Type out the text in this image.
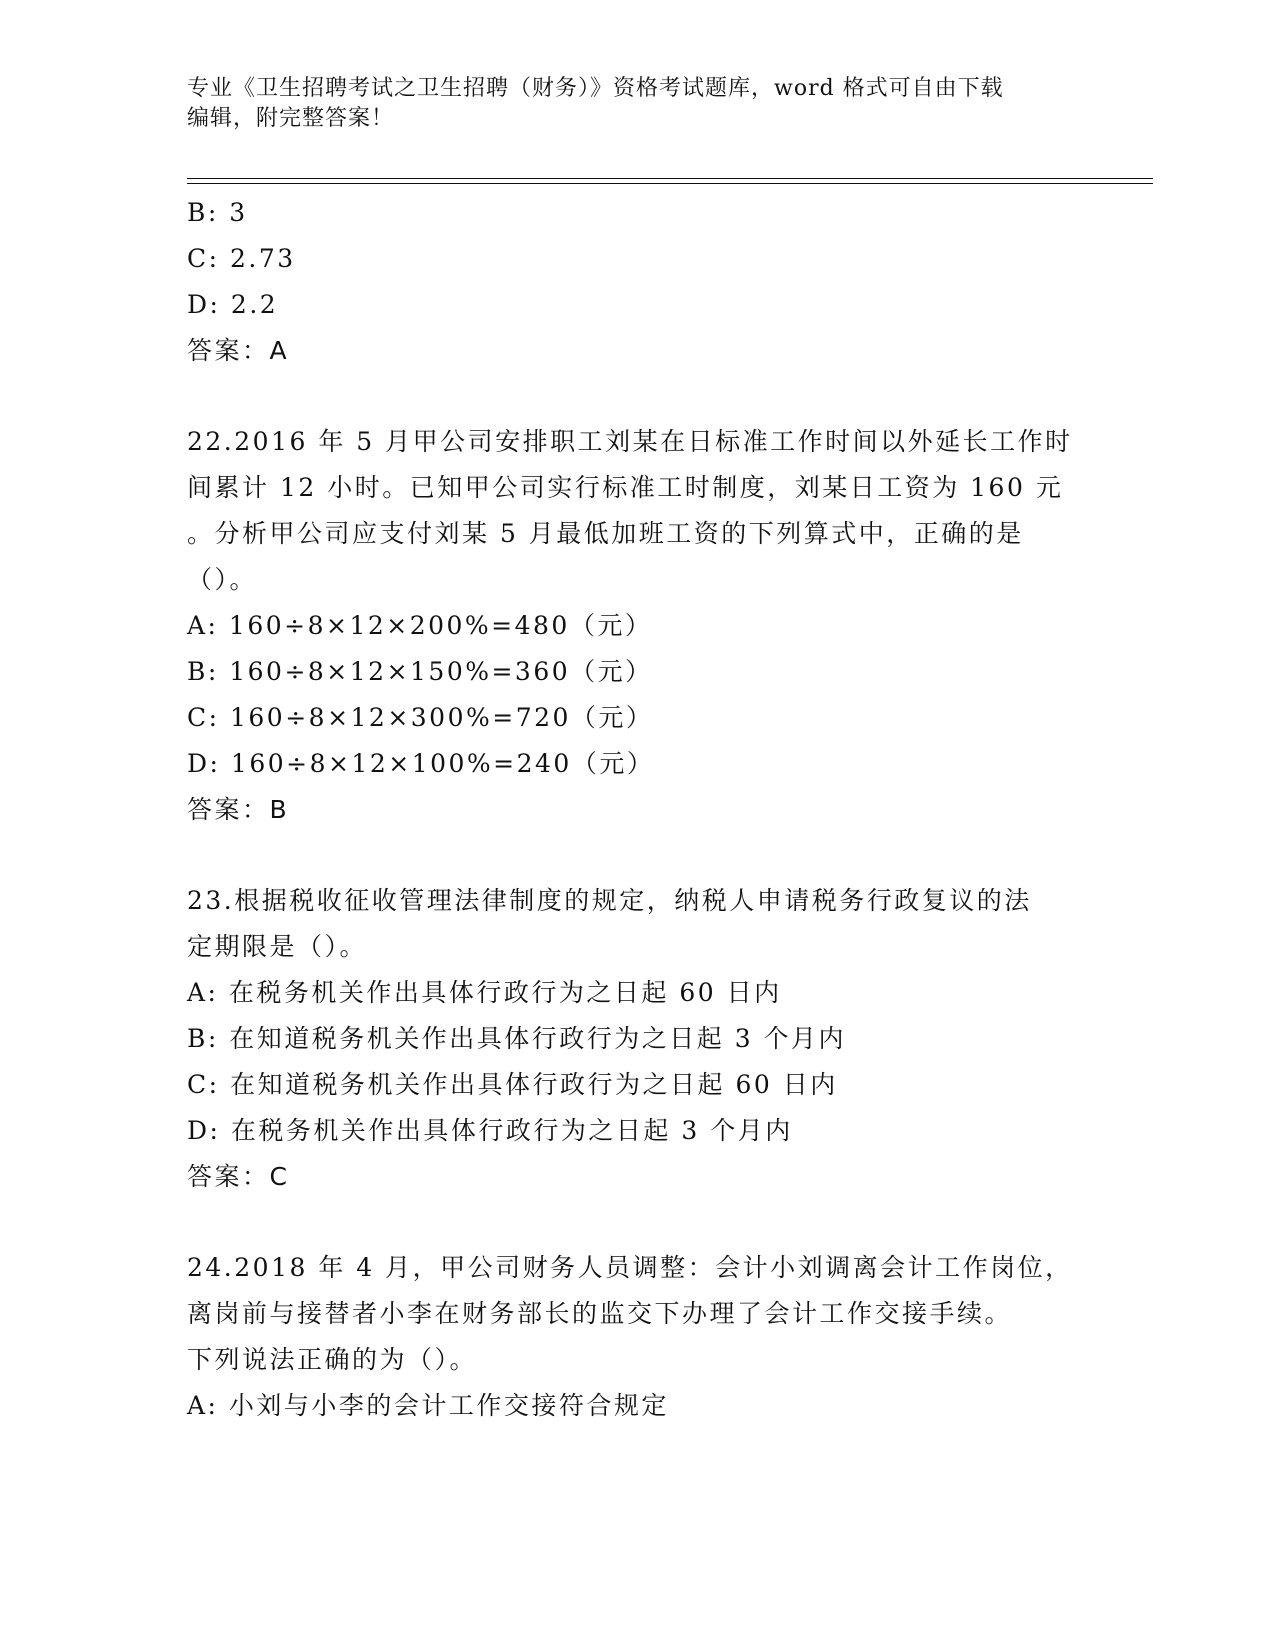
专业《卫生招聘考试之卫生招聘（财务）》资格考试题库，word 格式可自由下载
编辑，附完整答案！
B: 3
C: 2.73
D: 2.2
答案：A
22.2016 年 5 月甲公司安排职工刘某在日标准工作时间以外延长工作时
间累计 12 小时。已知甲公司实行标准工时制度，刘某日工资为 160 元
。分析甲公司应支付刘某 5 月最低加班工资的下列算式中，正确的是
（）。
A: 160÷8×12×200%=480（元）
B: 160÷8×12×150%=360（元）
C: 160÷8×12×300%=720（元）
D: 160÷8×12×100%=240（元）
答案：B
23.根据税收征收管理法律制度的规定，纳税人申请税务行政复议的法
定期限是（）。
A: 在税务机关作出具体行政行为之日起 60 日内
B: 在知道税务机关作出具体行政行为之日起 3 个月内
C: 在知道税务机关作出具体行政行为之日起 60 日内
D: 在税务机关作出具体行政行为之日起 3 个月内
答案：C
24.2018 年 4 月，甲公司财务人员调整：会计小刘调离会计工作岗位，
离岗前与接替者小李在财务部长的监交下办理了会计工作交接手续。
下列说法正确的为（）。
A: 小刘与小李的会计工作交接符合规定
